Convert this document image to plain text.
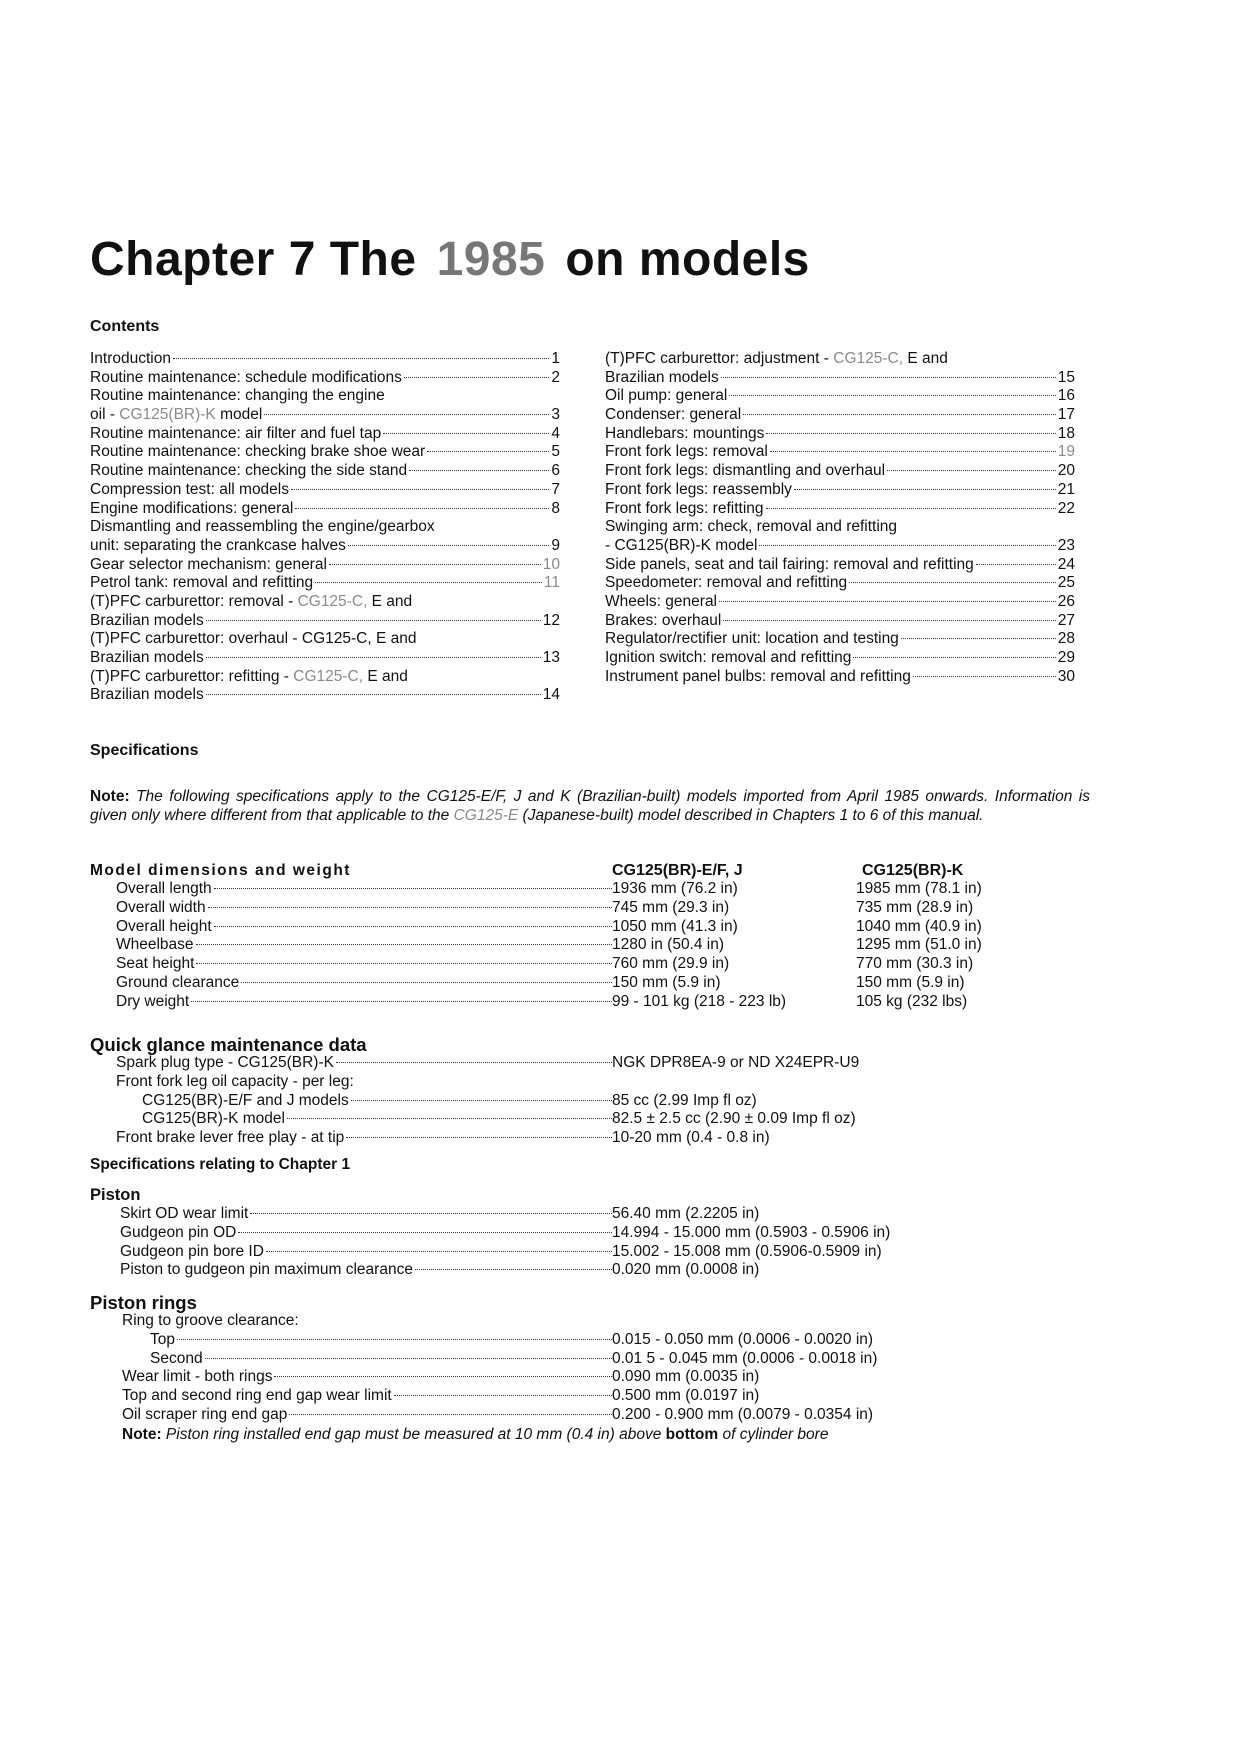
Chapter 7 The 1985 on models
Contents
Introduction	1
Routine maintenance: schedule modifications	2
Routine maintenance: changing the engine
oil - CG125(BR)-K model	3
Routine maintenance: air filter and fuel tap	4
Routine maintenance: checking brake shoe wear	5
Routine maintenance: checking the side stand	6
Compression test: all models	7
Engine modifications: general	8
Dismantling and reassembling the engine/gearbox
unit: separating the crankcase halves	9
Gear selector mechanism: general	10
Petrol tank: removal and refitting	11
(T)PFC carburettor: removal - CG125-C, E and
Brazilian models	12
(T)PFC carburettor: overhaul - CG125-C, E and
Brazilian models	13
(T)PFC carburettor: refitting - CG125-C, E and
Brazilian models	14
(T)PFC carburettor: adjustment - CG125-C, E and
Brazilian models	15
Oil pump: general	16
Condenser: general	17
Handlebars: mountings	18
Front fork legs: removal	19
Front fork legs: dismantling and overhaul	20
Front fork legs: reassembly	21
Front fork legs: refitting	22
Swinging arm: check, removal and refitting
- CG125(BR)-K model	23
Side panels, seat and tail fairing: removal and refitting	24
Speedometer: removal and refitting	25
Wheels: general	26
Brakes: overhaul	27
Regulator/rectifier unit: location and testing	28
Ignition switch: removal and refitting	29
Instrument panel bulbs: removal and refitting	30
Specifications

Note: The following specifications apply to the CG125-E/F, J and K (Brazilian-built) models imported from April 1985 onwards. Information is given only where different from that applicable to the CG125-E (Japanese-built) model described in Chapters 1 to 6 of this manual.

Model dimensions and weight	CG125(BR)-E/F, J	CG125(BR)-K
Overall length	1936 mm (76.2 in)	1985 mm (78.1 in)
Overall width	745 mm (29.3 in)	735 mm (28.9 in)
Overall height	1050 mm (41.3 in)	1040 mm (40.9 in)
Wheelbase	1280 in (50.4 in)	1295 mm (51.0 in)
Seat height	760 mm (29.9 in)	770 mm (30.3 in)
Ground clearance	150 mm (5.9 in)	150 mm (5.9 in)
Dry weight	99 - 101 kg (218 - 223 lb)	105 kg (232 lbs)
Quick glance maintenance data
Spark plug type - CG125(BR)-K	NGK DPR8EA-9 or ND X24EPR-U9
Front fork leg oil capacity - per leg:
CG125(BR)-E/F and J models	85 cc (2.99 Imp fl oz)
CG125(BR)-K model	82.5 ± 2.5 cc (2.90 ± 0.09 Imp fl oz)
Front brake lever free play - at tip	10-20 mm (0.4 - 0.8 in)
Specifications relating to Chapter 1
Piston
Skirt OD wear limit	56.40 mm (2.2205 in)
Gudgeon pin OD	14.994 - 15.000 mm (0.5903 - 0.5906 in)
Gudgeon pin bore ID	15.002 - 15.008 mm (0.5906-0.5909 in)
Piston to gudgeon pin maximum clearance	0.020 mm (0.0008 in)
Piston rings
Ring to groove clearance:
Top	0.015 - 0.050 mm (0.0006 - 0.0020 in)
Second	0.01 5 - 0.045 mm (0.0006 - 0.0018 in)
Wear limit - both rings	0.090 mm (0.0035 in)
Top and second ring end gap wear limit	0.500 mm (0.0197 in)
Oil scraper ring end gap	0.200 - 0.900 mm (0.0079 - 0.0354 in)

Note: Piston ring installed end gap must be measured at 10 mm (0.4 in) above bottom of cylinder bore
